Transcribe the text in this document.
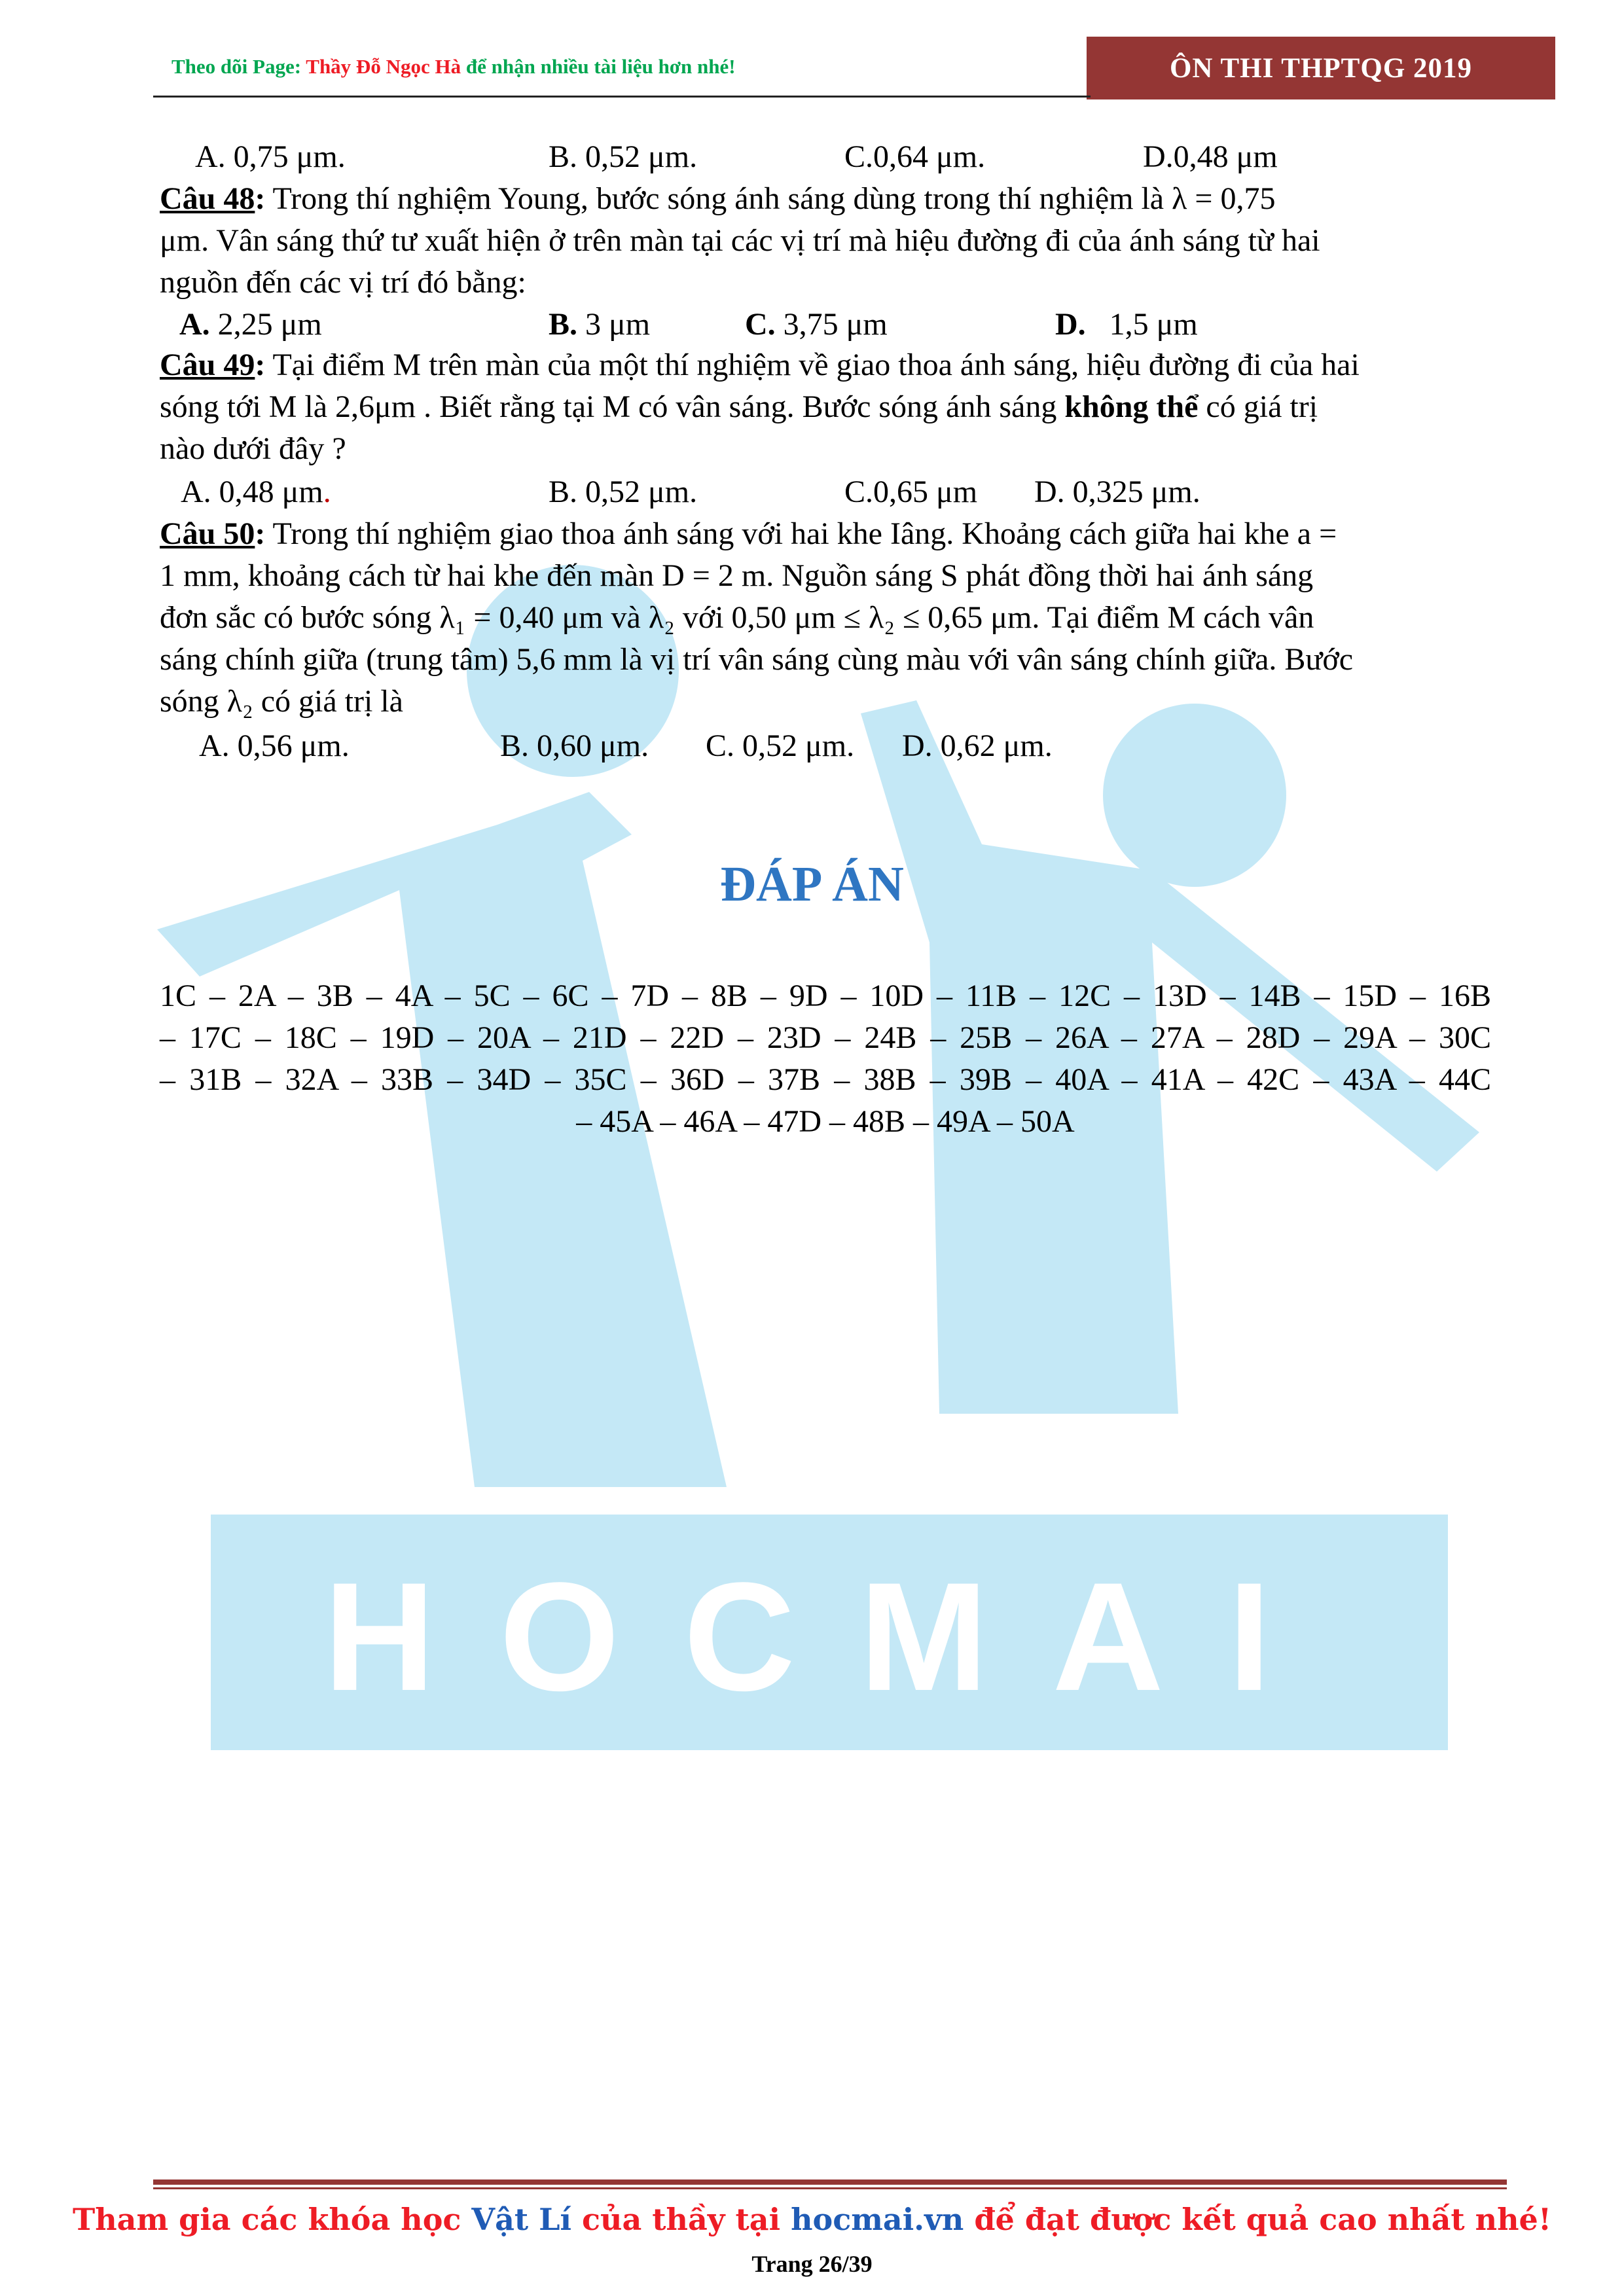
HOCMAI
Theo dõi Page: Thầy Đỗ Ngọc Hà để nhận nhiều tài liệu hơn nhé!	ÔN THI THPTQG 2019
A. 0,75 μm.	B. 0,52 μm.	C.0,64 μm.	D.0,48 μm
Câu 48: Trong thí nghiệm Young, bước sóng ánh sáng dùng trong thí nghiệm là λ = 0,75
μm. Vân sáng thứ tư xuất hiện ở trên màn tại các vị trí mà hiệu đường đi của ánh sáng từ hai
nguồn đến các vị trí đó bằng:
A. 2,25 μm	B. 3 μm	C. 3,75 μm	D. 1,5 μm
Câu 49: Tại điểm M trên màn của một thí nghiệm về giao thoa ánh sáng, hiệu đường đi của hai
sóng tới M là 2,6μm . Biết rằng tại M có vân sáng. Bước sóng ánh sáng không thể có giá trị
nào dưới đây ?
A. 0,48 μm.	B. 0,52 μm.	C.0,65 μm D. 0,325 μm.
Câu 50: Trong thí nghiệm giao thoa ánh sáng với hai khe Iâng. Khoảng cách giữa hai khe a =
1 mm, khoảng cách từ hai khe đến màn D = 2 m. Nguồn sáng S phát đồng thời hai ánh sáng
đơn sắc có bước sóng λ₁ = 0,40 μm và λ₂ với 0,50 μm ≤ λ₂ ≤ 0,65 μm. Tại điểm M cách vân
sáng chính giữa (trung tâm) 5,6 mm là vị trí vân sáng cùng màu với vân sáng chính giữa. Bước
sóng λ₂ có giá trị là
A. 0,56 μm.	B. 0,60 μm. C. 0,52 μm. D. 0,62 μm.
ĐÁP ÁN
1C – 2A – 3B – 4A – 5C – 6C – 7D – 8B – 9D – 10D – 11B – 12C – 13D – 14B – 15D – 16B
– 17C – 18C – 19D – 20A – 21D – 22D – 23D – 24B – 25B – 26A – 27A – 28D – 29A – 30C
– 31B – 32A – 33B – 34D – 35C – 36D – 37B – 38B – 39B – 40A – 41A – 42C – 43A – 44C
– 45A – 46A – 47D – 48B – 49A – 50A
Tham gia các khóa học Vật Lí của thầy tại hocmai.vn để đạt được kết quả cao nhất nhé!
Trang 26/39
